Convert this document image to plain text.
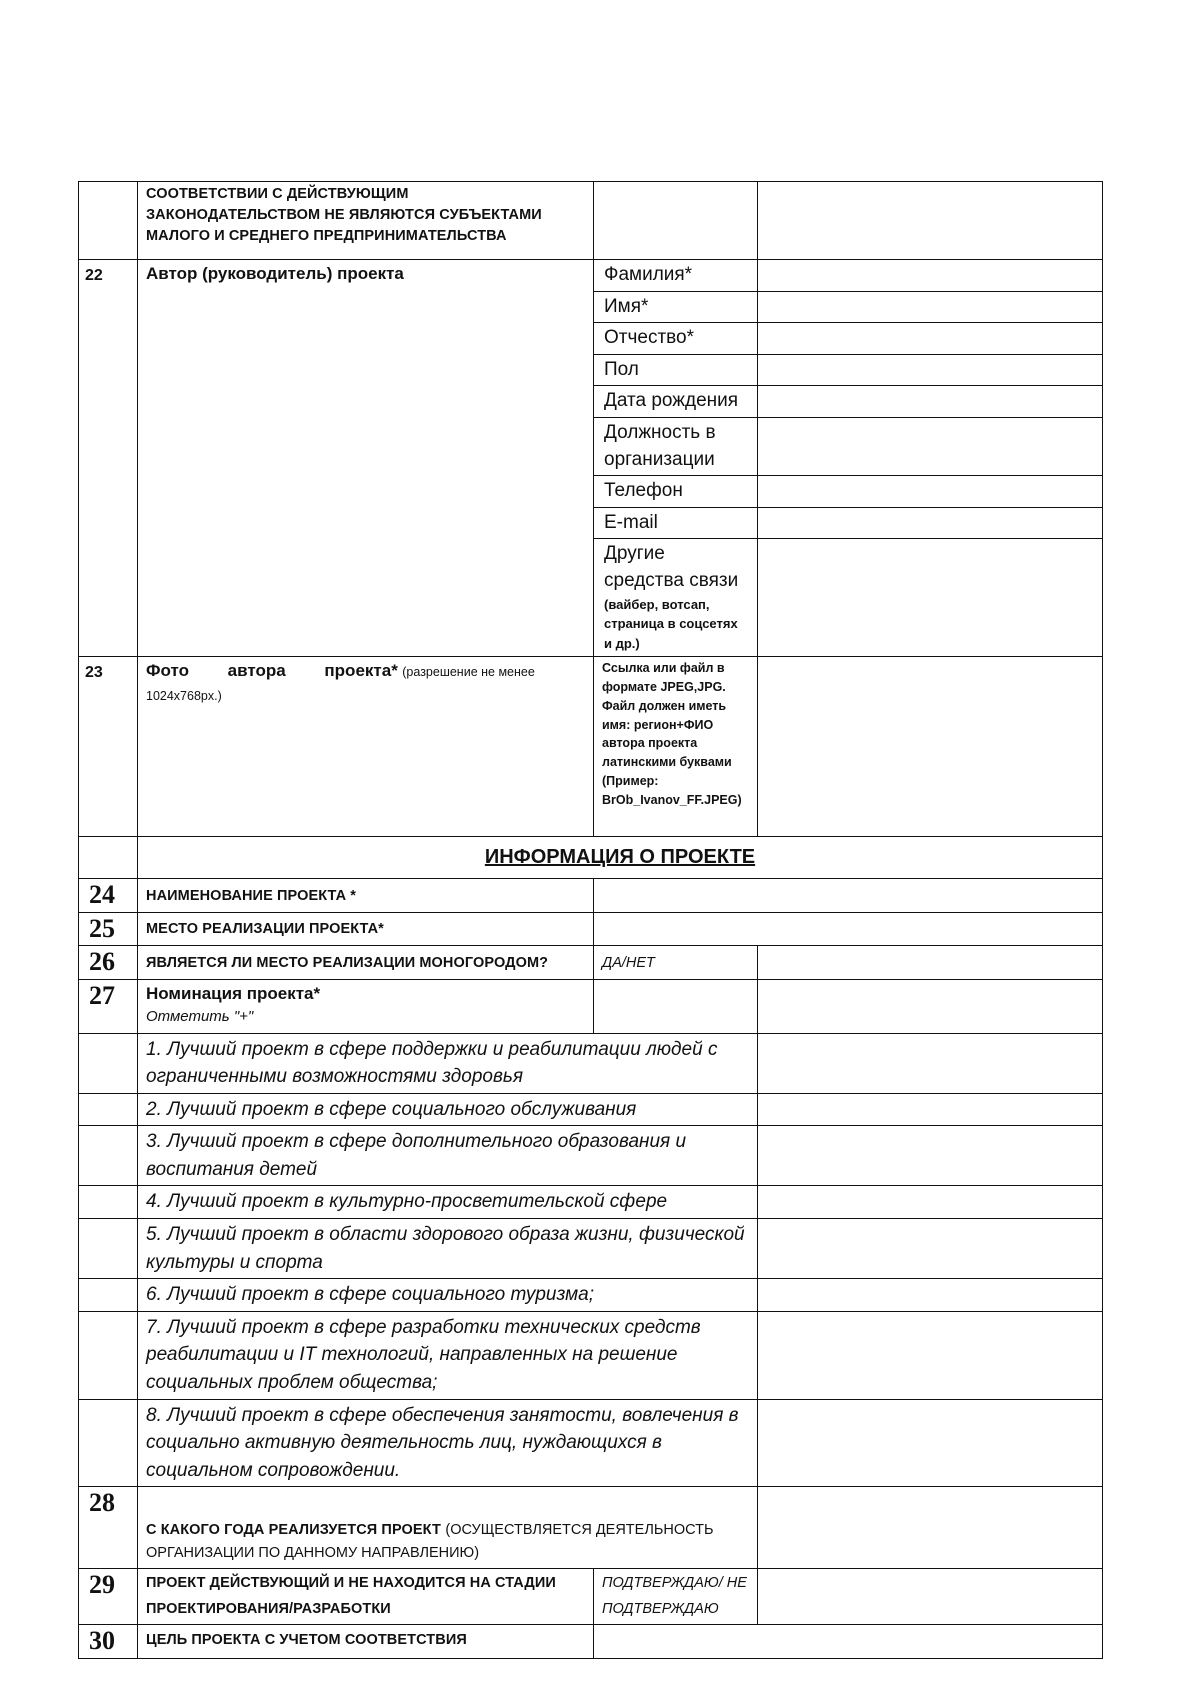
	СООТВЕТСТВИИ С ДЕЙСТВУЮЩИМ ЗАКОНОДАТЕЛЬСТВОМ НЕ ЯВЛЯЮТСЯ СУБЪЕКТАМИ МАЛОГО И СРЕДНЕГО ПРЕДПРИНИМАТЕЛЬСТВА		
22	Автор (руководитель) проекта	Фамилия*	
		Имя*	
		Отчество*	
		Пол	
		Дата рождения	
		Должность в организации	
		Телефон	
		E-mail	

		Другие средства связи
(вайбер, вотсап, страница в соцсетях и др.)	

23	Фото автора проекта* (разрешение не менее 1024x768px.)	Ссылка или файл в формате JPEG,JPG. Файл должен иметь имя: регион+ФИО автора проекта латинскими буквами (Пример: BrOb_Ivanov_FF.JPEG)	
	ИНФОРМАЦИЯ О ПРОЕКТЕ		
24	НАИМЕНОВАНИЕ ПРОЕКТА *		
25	МЕСТО РЕАЛИЗАЦИИ ПРОЕКТА*		
26	ЯВЛЯЕТСЯ ЛИ МЕСТО РЕАЛИЗАЦИИ МОНОГОРОДОМ?	ДА/НЕТ	
27	Номинация проекта*
Отметить "+"		

	1. Лучший проект в сфере поддержки и реабилитации людей с ограниченными возможностями здоровья		
	2. Лучший проект в сфере социального обслуживания		
	3. Лучший проект в сфере дополнительного образования и воспитания детей		
	4. Лучший проект в культурно-просветительской сфере		
	5. Лучший проект в области здорового образа жизни, физической культуры и спорта		
	6. Лучший проект в сфере социального туризма;		
	7. Лучший проект в сфере разработки технических средств реабилитации и IT технологий, направленных на решение социальных проблем общества;		
	8. Лучший проект в сфере обеспечения занятости, вовлечения в социально активную деятельность лиц, нуждающихся в социальном сопровождении.		
28	С КАКОГО ГОДА РЕАЛИЗУЕТСЯ ПРОЕКТ (ОСУЩЕСТВЛЯЕТСЯ ДЕЯТЕЛЬНОСТЬ ОРГАНИЗАЦИИ ПО ДАННОМУ НАПРАВЛЕНИЮ)		
29	ПРОЕКТ ДЕЙСТВУЮЩИЙ И НЕ НАХОДИТСЯ НА СТАДИИ ПРОЕКТИРОВАНИЯ/РАЗРАБОТКИ	ПОДТВЕРЖДАЮ/ НЕ ПОДТВЕРЖДАЮ	
30	ЦЕЛЬ ПРОЕКТА С УЧЕТОМ СООТВЕТСТВИЯ		
